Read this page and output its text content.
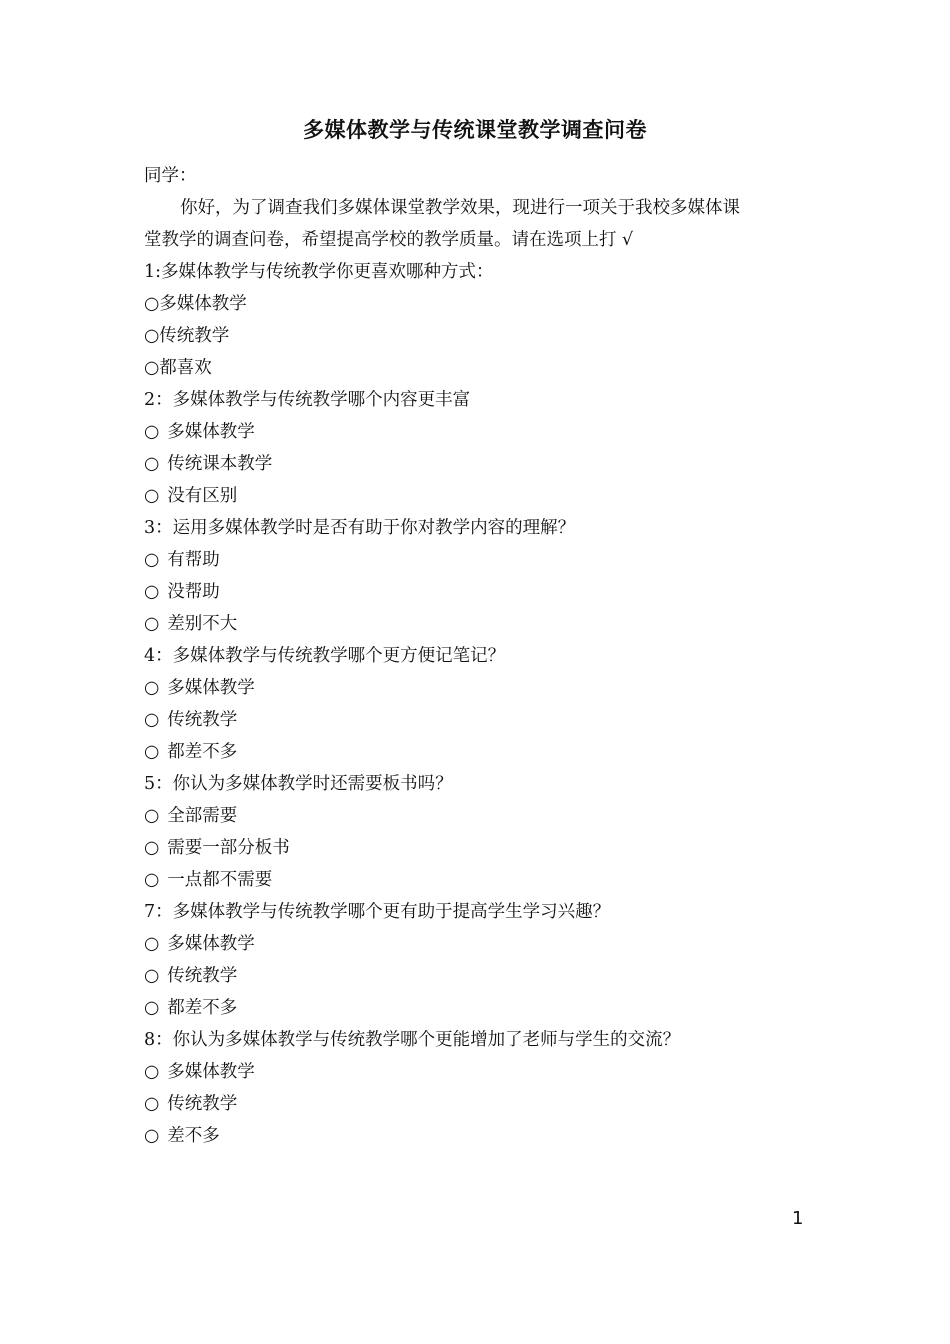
多媒体教学与传统课堂教学调查问卷
同学：
你好，为了调查我们多媒体课堂教学效果，现进行一项关于我校多媒体课
堂教学的调查问卷，希望提高学校的教学质量。请在选项上打 √
1:多媒体教学与传统教学你更喜欢哪种方式：
○多媒体教学
○传统教学
○都喜欢
2：多媒体教学与传统教学哪个内容更丰富
○ 多媒体教学
○ 传统课本教学
○ 没有区别
3：运用多媒体教学时是否有助于你对教学内容的理解？
○ 有帮助
○ 没帮助
○ 差别不大
4：多媒体教学与传统教学哪个更方便记笔记？
○ 多媒体教学
○ 传统教学
○ 都差不多
5：你认为多媒体教学时还需要板书吗？
○ 全部需要
○ 需要一部分板书
○ 一点都不需要
7：多媒体教学与传统教学哪个更有助于提高学生学习兴趣？
○ 多媒体教学
○ 传统教学
○ 都差不多
8：你认为多媒体教学与传统教学哪个更能增加了老师与学生的交流？
○ 多媒体教学
○ 传统教学
○ 差不多
1
